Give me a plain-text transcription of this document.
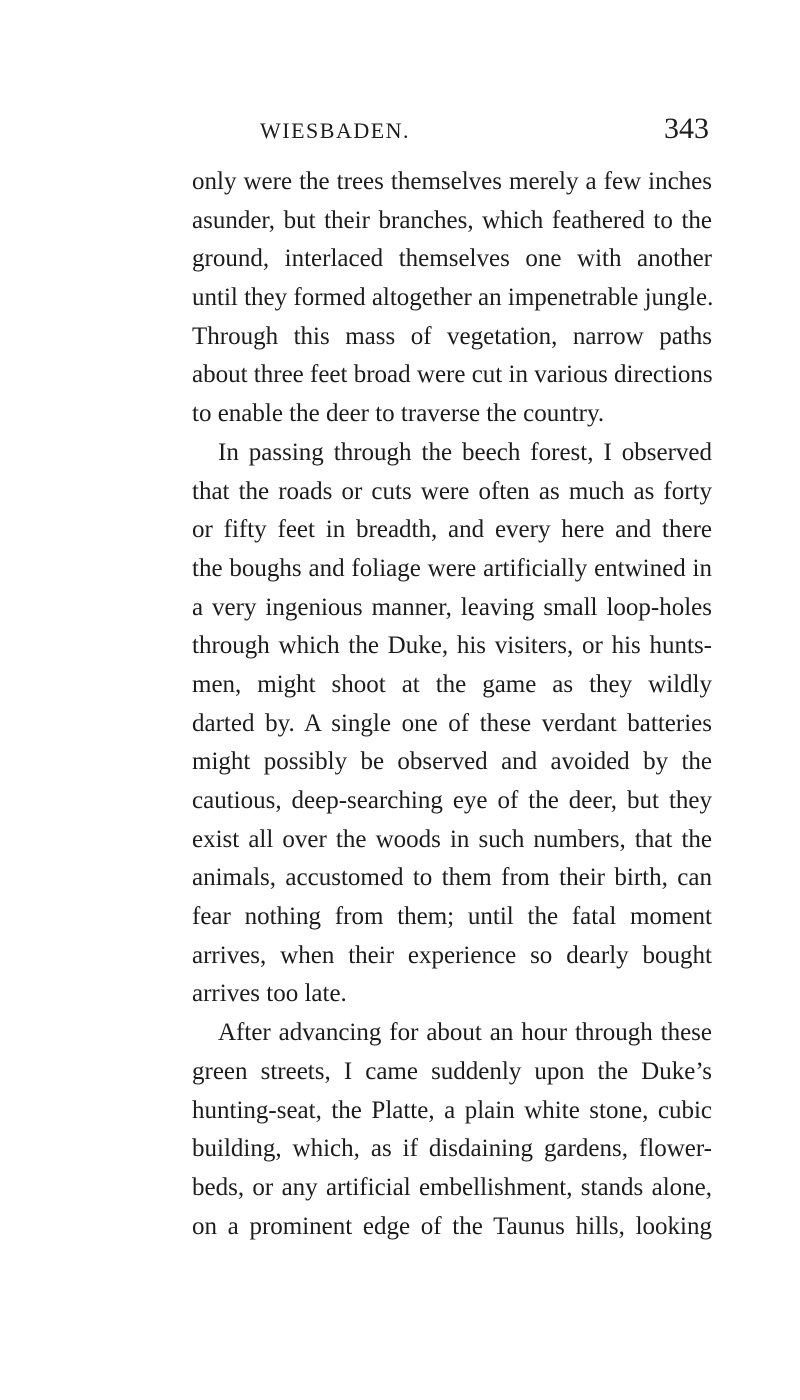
WIESBADEN.	343
only were the trees themselves merely a few inches
asunder, but their branches, which feathered to the
ground, interlaced themselves one with another
until they formed altogether an impenetrable jungle.
Through this mass of vegetation, narrow paths
about three feet broad were cut in various directions
to enable the deer to traverse the country.
In passing through the beech forest, I observed
that the roads or cuts were often as much as forty
or fifty feet in breadth, and every here and there
the boughs and foliage were artificially entwined in
a very ingenious manner, leaving small loop-holes
through which the Duke, his visiters, or his hunts-
men, might shoot at the game as they wildly
darted by. A single one of these verdant batteries
might possibly be observed and avoided by the
cautious, deep-searching eye of the deer, but they
exist all over the woods in such numbers, that the
animals, accustomed to them from their birth, can
fear nothing from them; until the fatal moment
arrives, when their experience so dearly bought
arrives too late.
After advancing for about an hour through these
green streets, I came suddenly upon the Duke’s
hunting-seat, the Platte, a plain white stone, cubic
building, which, as if disdaining gardens, flower-
beds, or any artificial embellishment, stands alone,
on a prominent edge of the Taunus hills, looking
